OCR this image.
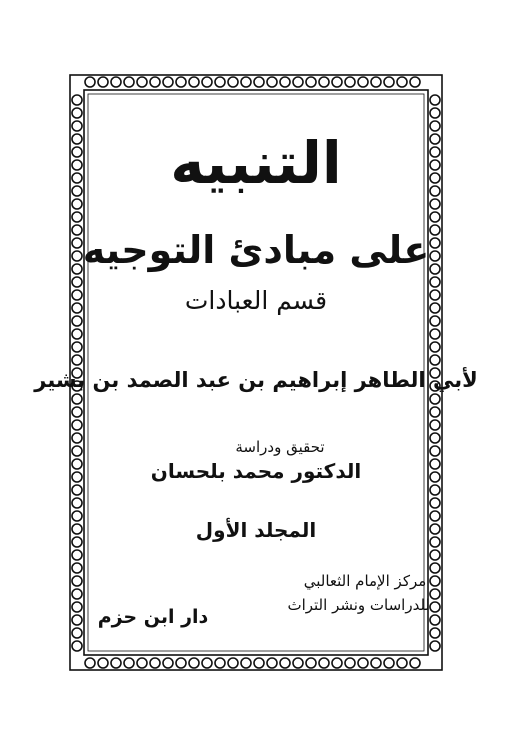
التنبيه
على مبادئ التوجيه
قسم العبادات
لأبي الطاهر إبراهيم بن عبد الصمد بن بشير
تحقيق ودراسة
الدكتور محمد بلحسان
المجلد الأول
مركز الإمام الثعالبي
للدراسات ونشر التراث
دار ابن حزم
